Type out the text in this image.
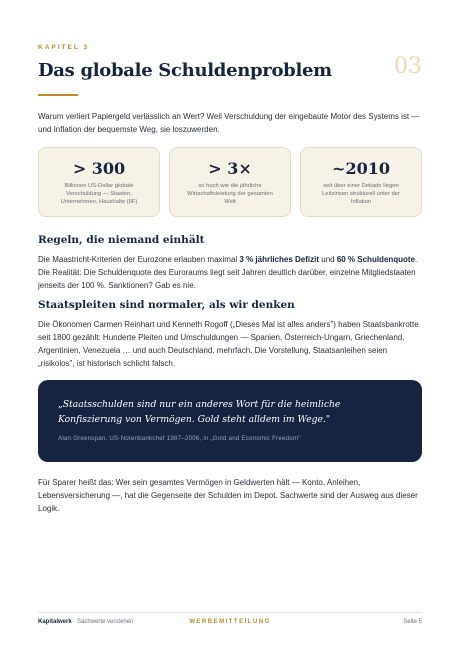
KAPITEL 3
Das globale Schuldenproblem	03
Warum verliert Papiergeld verlässlich an Wert? Weil Verschuldung der eingebaute Motor des Systems ist — und Inflation der bequemste Weg, sie loszuwerden.
> 300
Billionen US-Dollar globale Verschuldung — Staaten, Unternehmen, Haushalte (IIF)
> 3×
so hoch wie die jährliche Wirtschaftsleistung der gesamten Welt
~2010
seit über einer Dekade liegen Leitzinsen strukturell unter der Inflation
Regeln, die niemand einhält
Die Maastricht-Kriterien der Eurozone erlauben maximal 3 % jährliches Defizit und 60 % Schuldenquote. Die Realität: Die Schuldenquote des Euroraums liegt seit Jahren deutlich darüber, einzelne Mitgliedstaaten jenseits der 100 %. Sanktionen? Gab es nie.
Staatspleiten sind normaler, als wir denken
Die Ökonomen Carmen Reinhart und Kenneth Rogoff („Dieses Mal ist alles anders") haben Staatsbankrotte seit 1800 gezählt: Hunderte Pleiten und Umschuldungen — Spanien, Österreich-Ungarn, Griechenland, Argentinien, Venezuela … und auch Deutschland, mehrfach. Die Vorstellung, Staatsanleihen seien „risikolos", ist historisch schlicht falsch.
„Staatsschulden sind nur ein anderes Wort für die heimliche Konfiszierung von Vermögen. Gold steht alldem im Wege."
Alan Greenspan, US-Notenbankchef 1987–2006, in „Gold and Economic Freedom"
Für Sparer heißt das: Wer sein gesamtes Vermögen in Geldwerten hält — Konto, Anleihen, Lebensversicherung —, hat die Gegenseite der Schulden im Depot. Sachwerte sind der Ausweg aus dieser Logik.
Kapitalwerk · Sachwerte verstehen	WERBEMITTEILUNG	Seite 5
